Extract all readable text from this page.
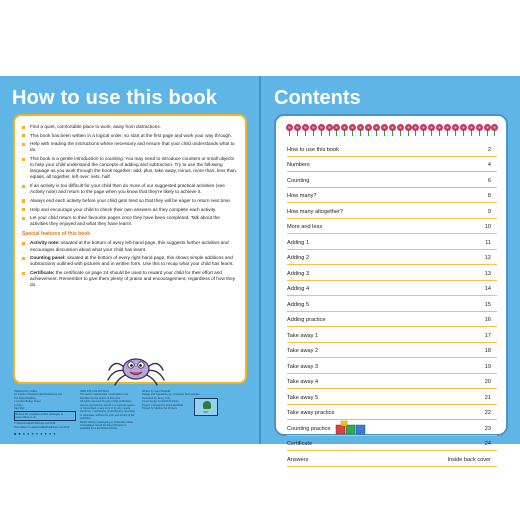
How to use this book
Find a quiet, comfortable place to work, away from distractions.
This book has been written in a logical order, so start at the first page and work your way through.
Help with reading the instructions where necessary and ensure that your child understands what to do.
This book is a gentle introduction to counting. You may need to introduce counters or small objects to help your child understand the concepts of adding and subtraction. Try to use the following language as you work through the book together: add, plus, take away, minus, more than, less than, equals, all together, left over, sets, half.
If an activity is too difficult for your child then do more of our suggested practical activities (see Activity note) and return to the page when you know that they're likely to achieve it.
Always end each activity before your child gets tired so that they will be eager to return next time.
Help and encourage your child to check their own answers as they complete each activity.
Let your child return to their favourite pages once they have been completed. Talk about the activities they enjoyed and what they have learnt.
Special features of this book
Activity note: situated at the bottom of every left-hand page, this suggests further activities and encourages discussion about what your child has learnt.
Counting panel: situated at the bottom of every right-hand page, this shows simple additions and subtractions outlined with pictures and in written form. Use this to recap what your child has learnt.
Certificate: the certificate on page 24 should be used to reward your child for their effort and achievement. Remember to give them plenty of praise and encouragement, regardless of how they do.
Published by Collins
An imprint of HarperCollinsPublishers Ltd
The News Building
1 London Bridge Street
London
SE1 9GF
Browse the complete Collins catalogue at www.collins.co.uk
© HarperCollinsPublishers Ltd 2016
This edition © HarperCollinsPublishers Ltd 2019
ISBN 978-0-00-827519-2
The author asserts their moral rights to be identified as the author of this work.
All rights reserved. No part of this publication may be reproduced, stored in a retrieval system, or transmitted, in any form or by any means, electronic, mechanical, photocopying, recording or otherwise, without the prior permission of the publisher.
British Library Cataloguing in Publication Data
A Catalogue record for this publication is available from the British Library.
Written by Carol Medcalf
Design and typesetting by Contentra Technologies
Illustrated by Jenny Tulip
Cover design by Sarah Duxbury
Project managed by Fiona McGlade
Printed by Martins the Printers
FSC
■ ■ ● ● ● ● ● ● ● ●
Contents
How to use this book	2
Numbers	4
Counting	6
How many?	8
How many altogether?	9
More and less	10
Adding 1	11
Adding 2	12
Adding 3	13
Adding 4	14
Adding 5	15
Adding practice	16
Take away 1	17
Take away 2	18
Take away 3	19
Take away 4	20
Take away 5	21
Take away practice	22
Counting practice	23
Certificate	24
Answers	Inside back cover
